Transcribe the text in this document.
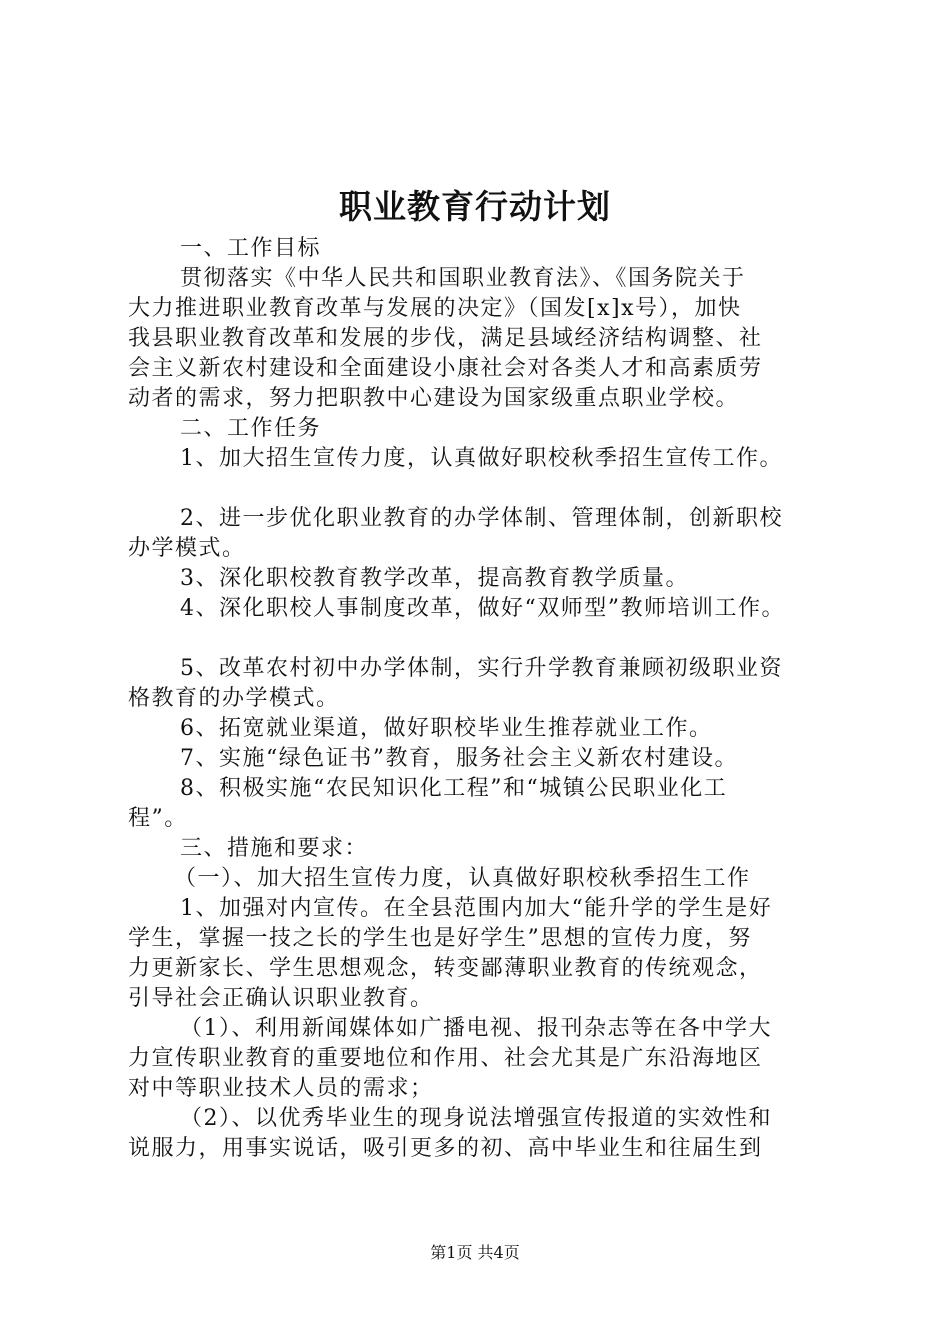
职业教育行动计划
一、工作目标
贯彻落实《中华人民共和国职业教育法》、《国务院关于
大力推进职业教育改革与发展的决定》（国发[x]x号），加快
我县职业教育改革和发展的步伐，满足县域经济结构调整、社
会主义新农村建设和全面建设小康社会对各类人才和高素质劳
动者的需求，努力把职教中心建设为国家级重点职业学校。
二、工作任务
1、加大招生宣传力度，认真做好职校秋季招生宣传工作。
2、进一步优化职业教育的办学体制、管理体制，创新职校
办学模式。
3、深化职校教育教学改革，提高教育教学质量。
4、深化职校人事制度改革，做好“双师型”教师培训工作。
5、改革农村初中办学体制，实行升学教育兼顾初级职业资
格教育的办学模式。
6、拓宽就业渠道，做好职校毕业生推荐就业工作。
7、实施“绿色证书”教育，服务社会主义新农村建设。
8、积极实施“农民知识化工程”和“城镇公民职业化工
程”。
三、措施和要求：
（一）、加大招生宣传力度，认真做好职校秋季招生工作
1、加强对内宣传。在全县范围内加大“能升学的学生是好
学生，掌握一技之长的学生也是好学生”思想的宣传力度，努
力更新家长、学生思想观念，转变鄙薄职业教育的传统观念，
引导社会正确认识职业教育。
（1）、利用新闻媒体如广播电视、报刊杂志等在各中学大
力宣传职业教育的重要地位和作用、社会尤其是广东沿海地区
对中等职业技术人员的需求；
（2）、以优秀毕业生的现身说法增强宣传报道的实效性和
说服力，用事实说话，吸引更多的初、高中毕业生和往届生到
第1页 共4页
